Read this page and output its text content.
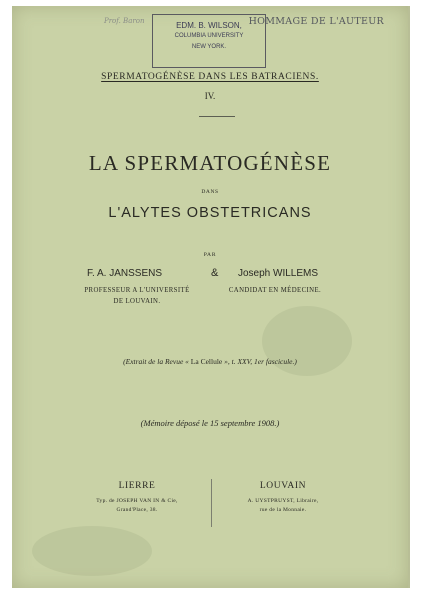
Prof. Baron	EDM. B. WILSON,
COLUMBIA UNIVERSITY
NEW YORK.
HOMMAGE DE L'AUTEUR
SPERMATOGÉNÈSE DANS LES BATRACIENS.
IV.
LA SPERMATOGÉNÈSE
DANS
L'ALYTES OBSTETRICANS
PAR
F. A. JANSSENS	& Joseph WILLEMS
PROFESSEUR A L'UNIVERSITÉ
DE LOUVAIN.
CANDIDAT EN MÉDECINE.
(Extrait de la Revue « La Cellule », t. XXV, 1er fascicule.)
(Mémoire déposé le 15 septembre 1908.)
LIERRE	LOUVAIN
Typ. de JOSEPH VAN IN & Cie,
Grand'Place, 38.
A. UYSTPRUYST, Libraire,
rue de la Monnaie.
